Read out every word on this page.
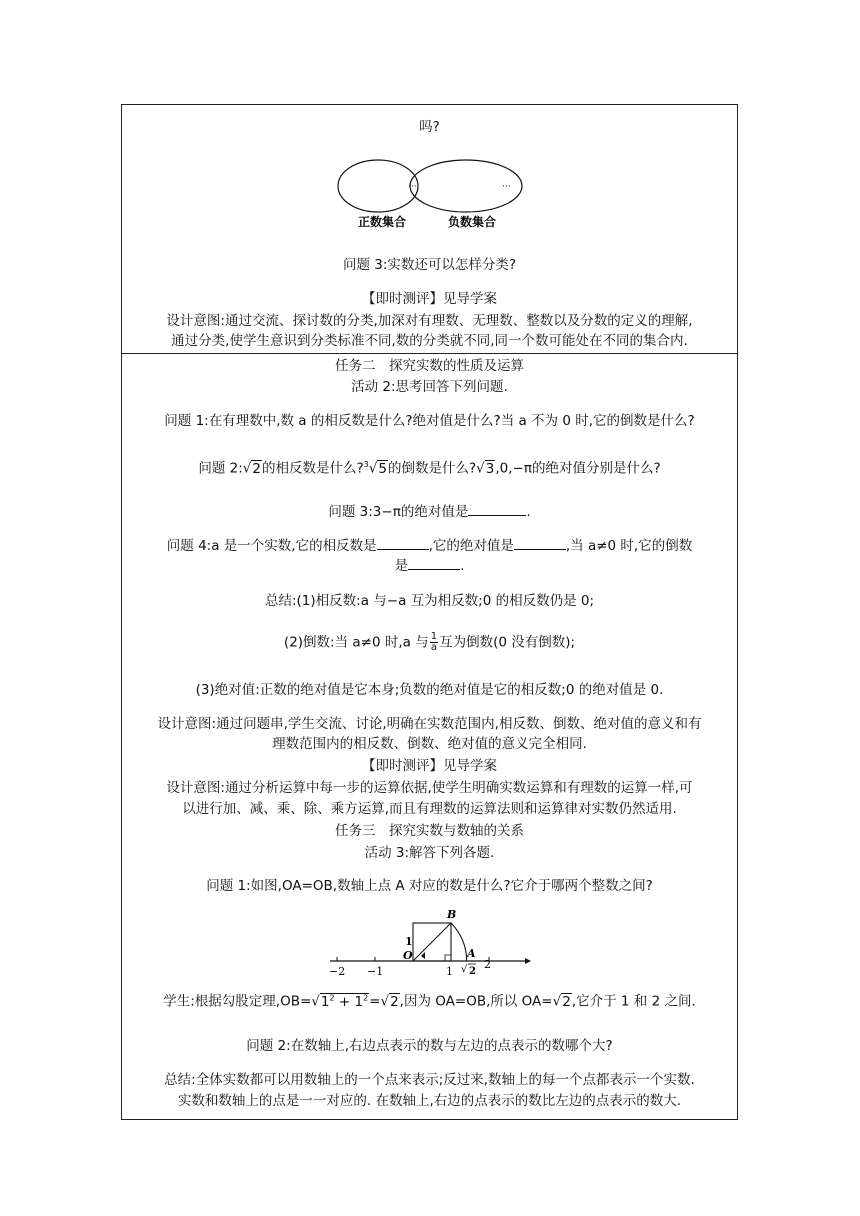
吗?
···	···
正数集合	负数集合
问题 3:实数还可以怎样分类?
【即时测评】见导学案
设计意图:通过交流、探讨数的分类,加深对有理数、无理数、整数以及分数的定义的理解,
通过分类,使学生意识到分类标准不同,数的分类就不同,同一个数可能处在不同的集合内.
任务二　探究实数的性质及运算
活动 2:思考回答下列问题.
问题 1:在有理数中,数 a 的相反数是什么?绝对值是什么?当 a 不为 0 时,它的倒数是什么?
问题 2:√2的相反数是什么?$^3$√5的倒数是什么?√3,0,−π的绝对值分别是什么?
问题 3:3−π的绝对值是	.
问题 4:a 是一个实数,它的相反数是	,它的绝对值是	,当 a≠0 时,它的倒数
是	.
总结:(1)相反数:a 与−a 互为相反数;0 的相反数仍是 0;
(2)倒数:当 a≠0 时,a 与 $\frac{1}{a}$ 互为倒数(0 没有倒数);
(3)绝对值:正数的绝对值是它本身;负数的绝对值是它的相反数;0 的绝对值是 0.
设计意图:通过问题串,学生交流、讨论,明确在实数范围内,相反数、倒数、绝对值的意义和有
理数范围内的相反数、倒数、绝对值的意义完全相同.
【即时测评】见导学案
设计意图:通过分析运算中每一步的运算依据,使学生明确实数运算和有理数的运算一样,可
以进行加、减、乘、除、乘方运算,而且有理数的运算法则和运算律对实数仍然适用.
任务三　探究实数与数轴的关系
活动 3:解答下列各题.
问题 1:如图,OA=OB,数轴上点 A 对应的数是什么?它介于哪两个整数之间?
−2 −1
O
1
2
1
B
A
√ 2
学生:根据勾股定理$,OB=√1^2 + 1^2=√2$,因为 OA=OB,所以 OA=√2,它介于 1 和 2 之间.
问题 2:在数轴上,右边点表示的数与左边的点表示的数哪个大?
总结:全体实数都可以用数轴上的一个点来表示;反过来,数轴上的每一个点都表示一个实数.
实数和数轴上的点是一一对应的. 在数轴上,右边的点表示的数比左边的点表示的数大.
